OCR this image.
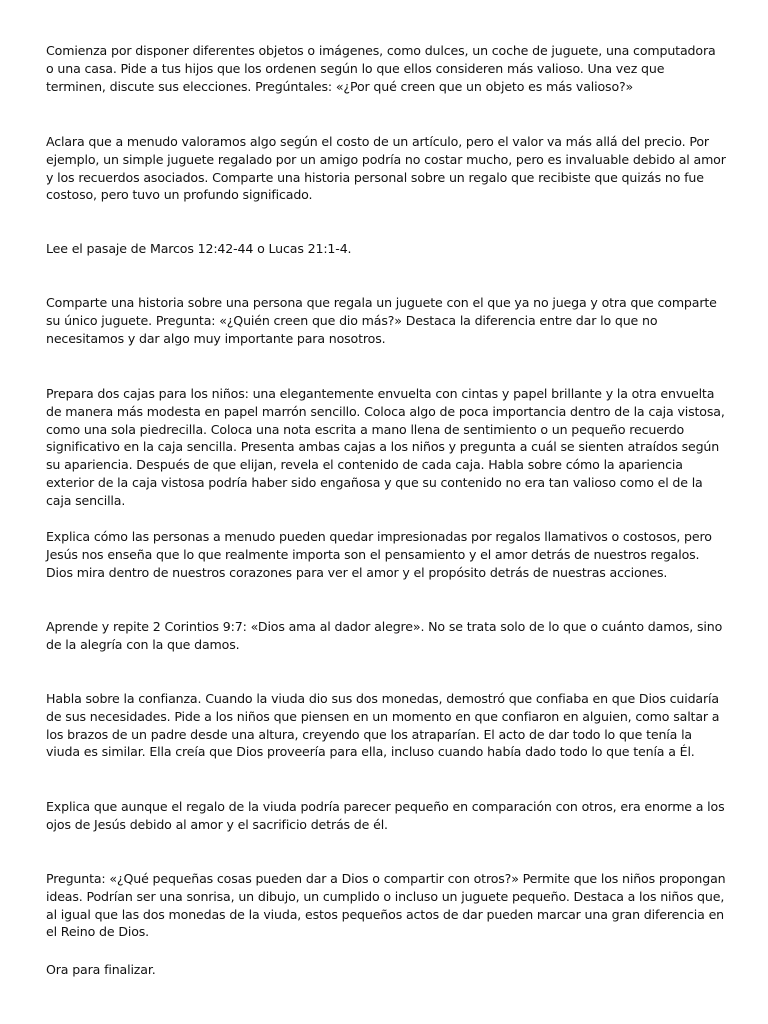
Comienza por disponer diferentes objetos o imágenes, como dulces, un coche de juguete, una computadora o una casa. Pide a tus hijos que los ordenen según lo que ellos consideren más valioso. Una vez que terminen, discute sus elecciones. Pregúntales: «¿Por qué creen que un objeto es más valioso?»

Aclara que a menudo valoramos algo según el costo de un artículo, pero el valor va más allá del precio. Por ejemplo, un simple juguete regalado por un amigo podría no costar mucho, pero es invaluable debido al amor y los recuerdos asociados. Comparte una historia personal sobre un regalo que recibiste que quizás no fue costoso, pero tuvo un profundo significado.

Lee el pasaje de Marcos 12:42-44 o Lucas 21:1-4.

Comparte una historia sobre una persona que regala un juguete con el que ya no juega y otra que comparte su único juguete. Pregunta: «¿Quién creen que dio más?» Destaca la diferencia entre dar lo que no necesitamos y dar algo muy importante para nosotros.

Prepara dos cajas para los niños: una elegantemente envuelta con cintas y papel brillante y la otra envuelta de manera más modesta en papel marrón sencillo. Coloca algo de poca importancia dentro de la caja vistosa, como una sola piedrecilla. Coloca una nota escrita a mano llena de sentimiento o un pequeño recuerdo significativo en la caja sencilla. Presenta ambas cajas a los niños y pregunta a cuál se sienten atraídos según su apariencia. Después de que elijan, revela el contenido de cada caja. Habla sobre cómo la apariencia exterior de la caja vistosa podría haber sido engañosa y que su contenido no era tan valioso como el de la caja sencilla.

Explica cómo las personas a menudo pueden quedar impresionadas por regalos llamativos o costosos, pero Jesús nos enseña que lo que realmente importa son el pensamiento y el amor detrás de nuestros regalos. Dios mira dentro de nuestros corazones para ver el amor y el propósito detrás de nuestras acciones.

Aprende y repite 2 Corintios 9:7: «Dios ama al dador alegre». No se trata solo de lo que o cuánto damos, sino de la alegría con la que damos.

Habla sobre la confianza. Cuando la viuda dio sus dos monedas, demostró que confiaba en que Dios cuidaría de sus necesidades. Pide a los niños que piensen en un momento en que confiaron en alguien, como saltar a los brazos de un padre desde una altura, creyendo que los atraparían. El acto de dar todo lo que tenía la viuda es similar. Ella creía que Dios proveería para ella, incluso cuando había dado todo lo que tenía a Él.

Explica que aunque el regalo de la viuda podría parecer pequeño en comparación con otros, era enorme a los ojos de Jesús debido al amor y el sacrificio detrás de él.

Pregunta: «¿Qué pequeñas cosas pueden dar a Dios o compartir con otros?» Permite que los niños propongan ideas. Podrían ser una sonrisa, un dibujo, un cumplido o incluso un juguete pequeño. Destaca a los niños que, al igual que las dos monedas de la viuda, estos pequeños actos de dar pueden marcar una gran diferencia en el Reino de Dios.

Ora para finalizar.
